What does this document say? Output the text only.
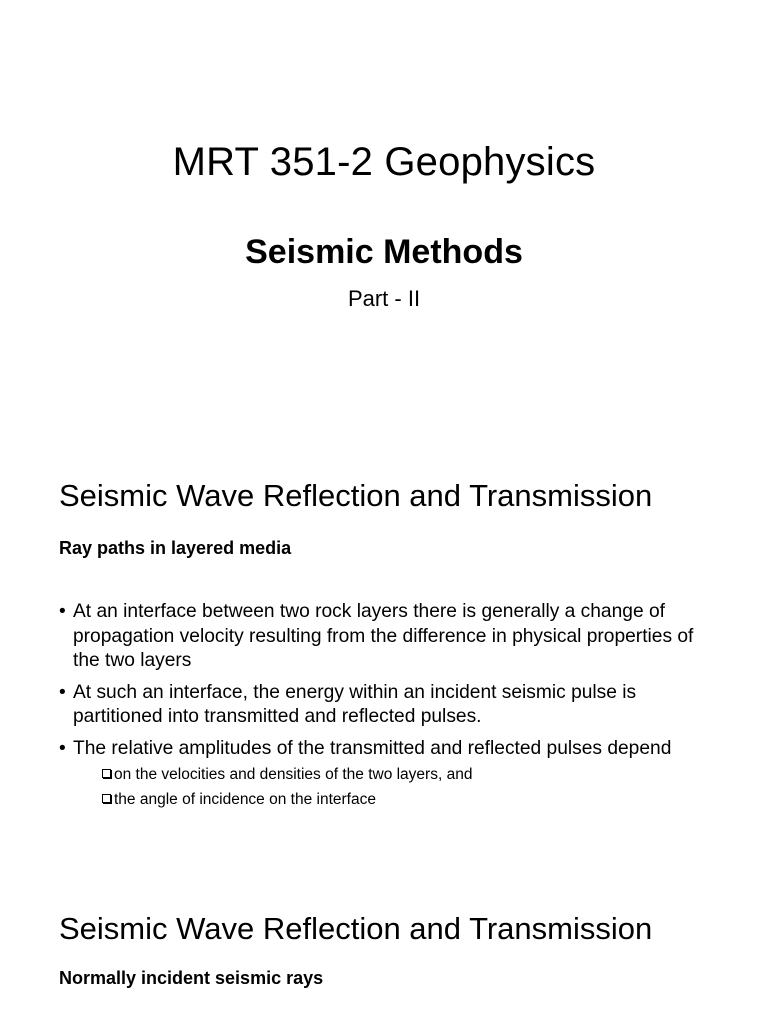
MRT 351-2 Geophysics
Seismic Methods
Part - II
Seismic Wave Reflection and Transmission
Ray paths in layered media
• At an interface between two rock layers there is generally a change of propagation velocity resulting from the difference in physical properties of the two layers
• At such an interface, the energy within an incident seismic pulse is partitioned into transmitted and reflected pulses.
• The relative amplitudes of the transmitted and reflected pulses depend
on the velocities and densities of the two layers, and
the angle of incidence on the interface
Seismic Wave Reflection and Transmission
Normally incident seismic rays
